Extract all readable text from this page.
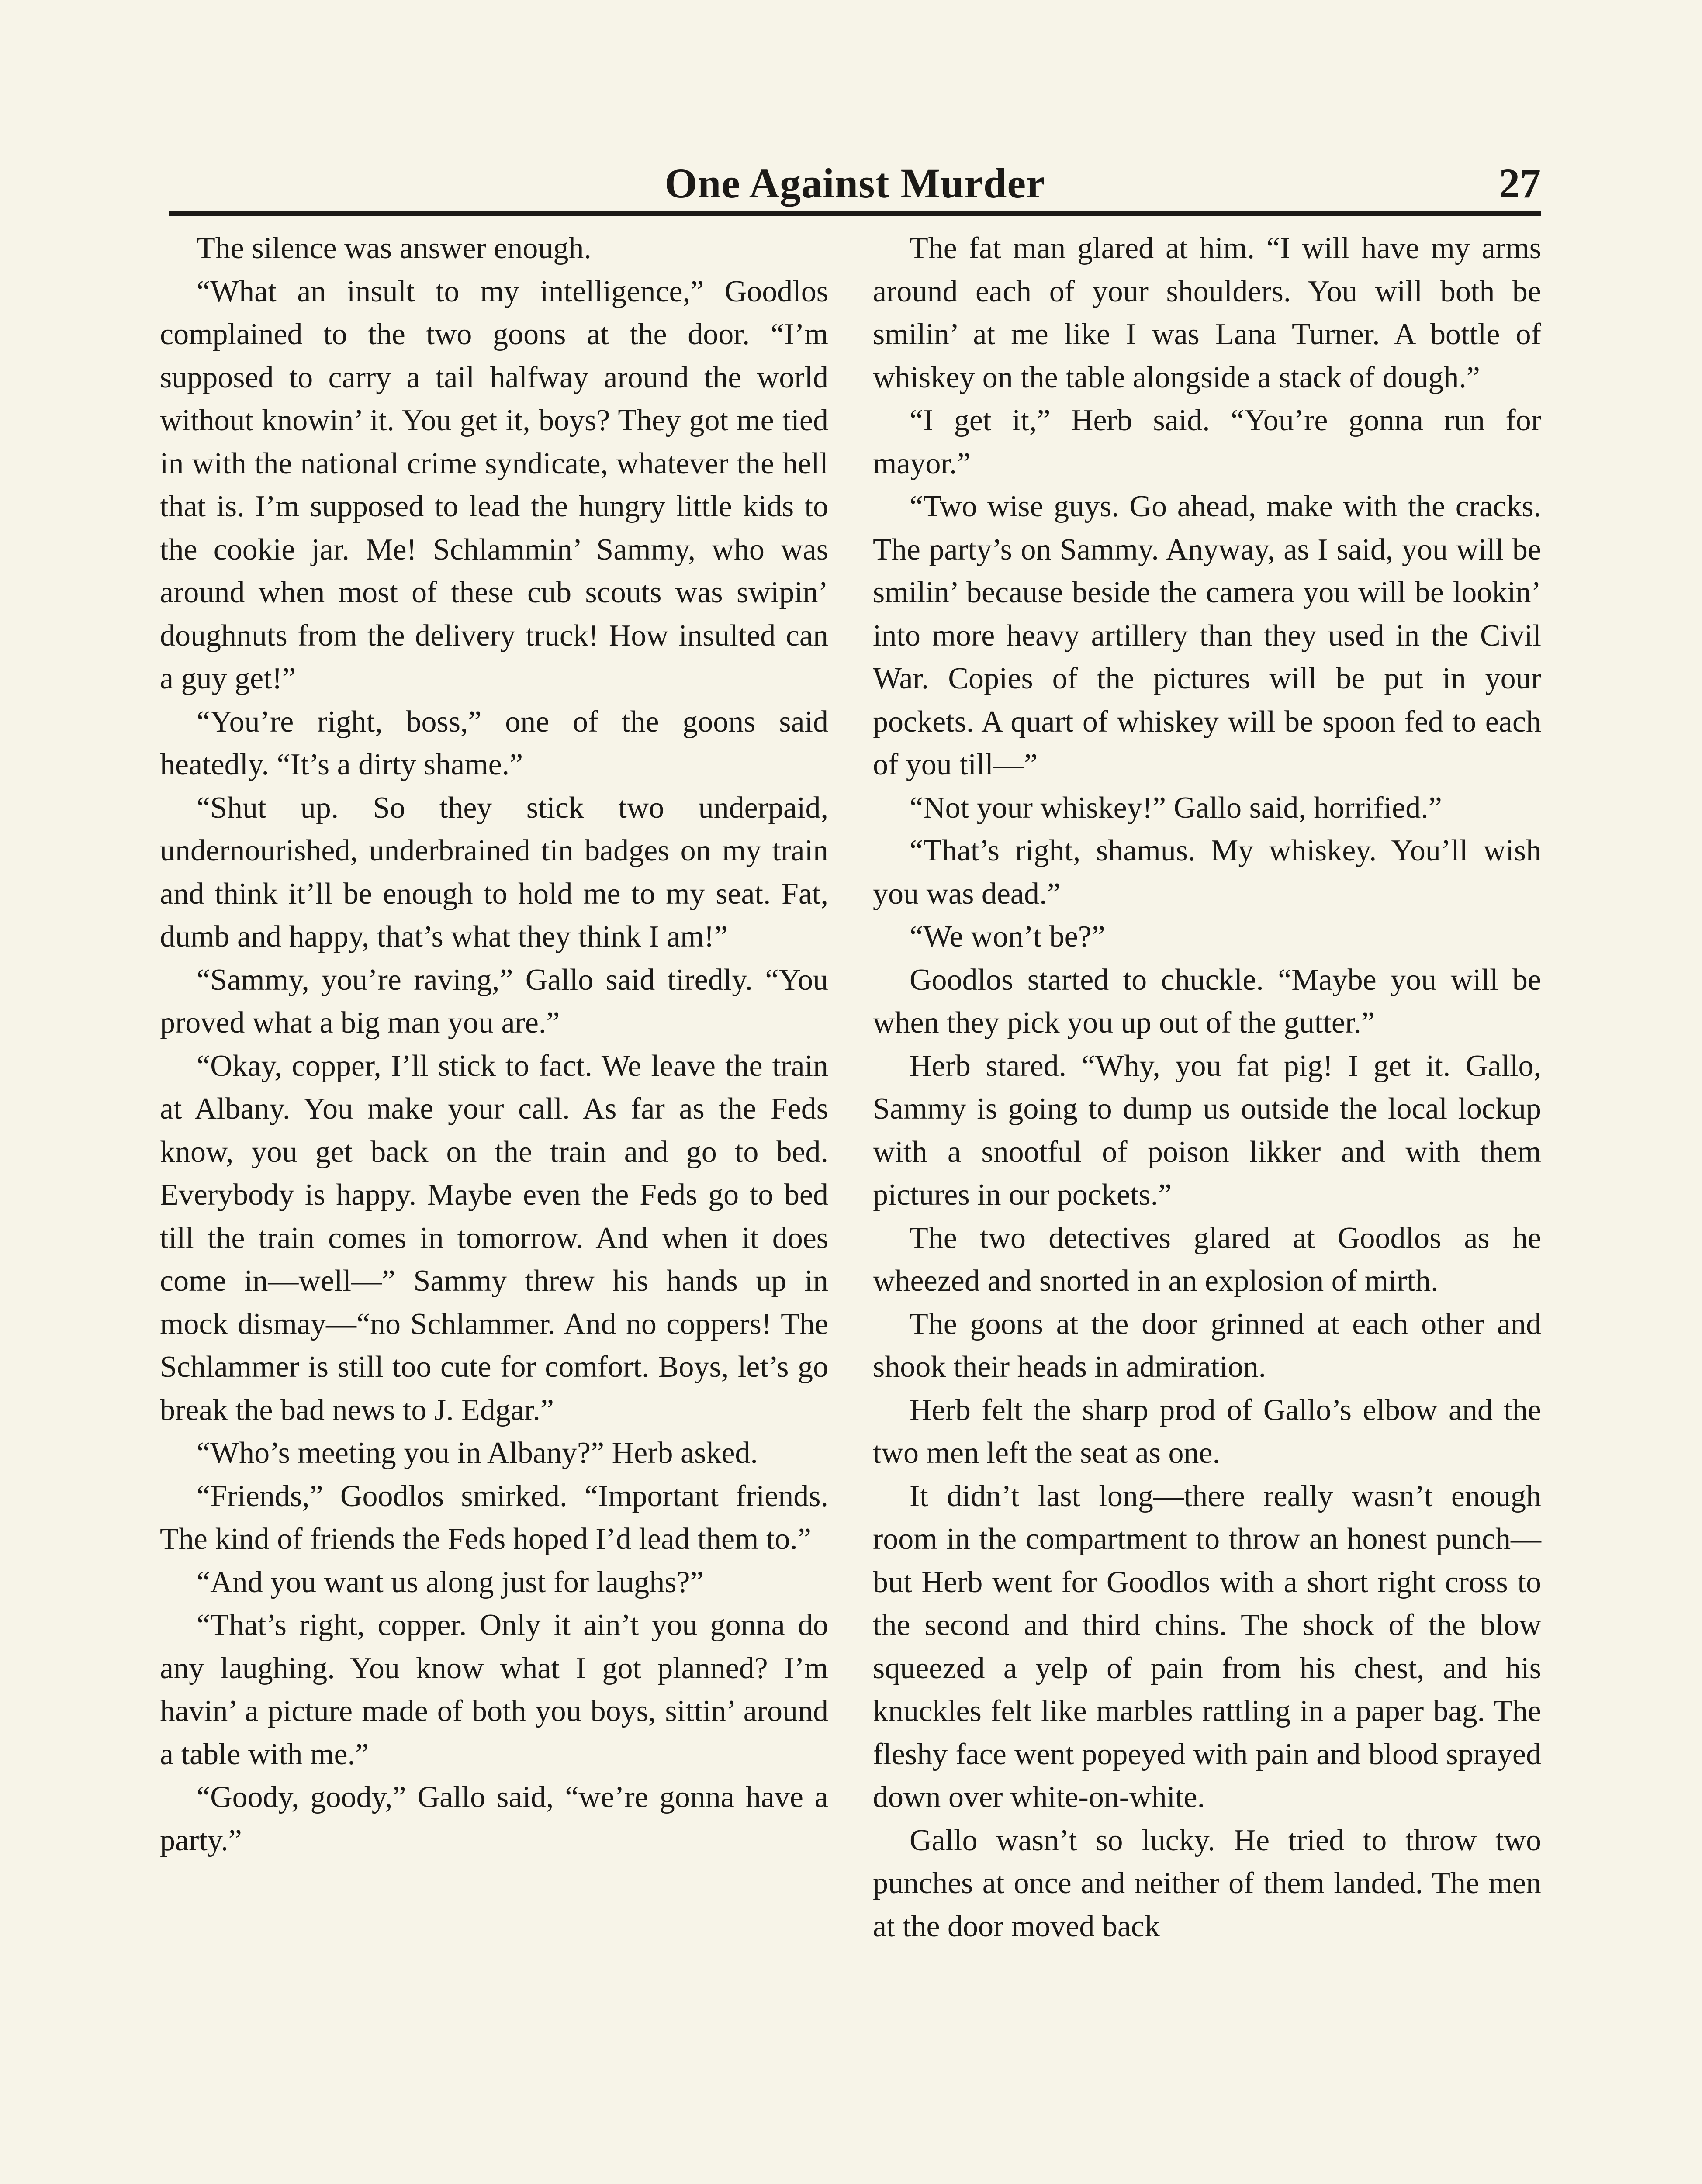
One Against Murder	27

The silence was answer enough.

“What an insult to my intelligence,” Goodlos complained to the two goons at the door. “I’m supposed to carry a tail halfway around the world without knowin’ it. You get it, boys? They got me tied in with the national crime syndicate, whatever the hell that is. I’m supposed to lead the hungry little kids to the cookie jar. Me! Schlammin’ Sammy, who was around when most of these cub scouts was swipin’ doughnuts from the delivery truck! How insulted can a guy get!”

“You’re right, boss,” one of the goons said heatedly. “It’s a dirty shame.”

“Shut up. So they stick two underpaid, undernourished, underbrained tin badges on my train and think it’ll be enough to hold me to my seat. Fat, dumb and happy, that’s what they think I am!”

“Sammy, you’re raving,” Gallo said tiredly. “You proved what a big man you are.”

“Okay, copper, I’ll stick to fact. We leave the train at Albany. You make your call. As far as the Feds know, you get back on the train and go to bed. Everybody is happy. Maybe even the Feds go to bed till the train comes in tomorrow. And when it does come in—well—” Sammy threw his hands up in mock dismay—“no Schlammer. And no coppers! The Schlammer is still too cute for comfort. Boys, let’s go break the bad news to J. Edgar.”

“Who’s meeting you in Albany?” Herb asked.

“Friends,” Goodlos smirked. “Important friends. The kind of friends the Feds hoped I’d lead them to.”

“And you want us along just for laughs?”

“That’s right, copper. Only it ain’t you gonna do any laughing. You know what I got planned? I’m havin’ a picture made of both you boys, sittin’ around a table with me.”

“Goody, goody,” Gallo said, “we’re gonna have a party.”

The fat man glared at him. “I will have my arms around each of your shoulders. You will both be smilin’ at me like I was Lana Turner. A bottle of whiskey on the table alongside a stack of dough.”

“I get it,” Herb said. “You’re gonna run for mayor.”

“Two wise guys. Go ahead, make with the cracks. The party’s on Sammy. Anyway, as I said, you will be smilin’ because beside the camera you will be lookin’ into more heavy artillery than they used in the Civil War. Copies of the pictures will be put in your pockets. A quart of whiskey will be spoon fed to each of you till—”

“Not your whiskey!” Gallo said, horrified.”

“That’s right, shamus. My whiskey. You’ll wish you was dead.”

“We won’t be?”

Goodlos started to chuckle. “Maybe you will be when they pick you up out of the gutter.”

Herb stared. “Why, you fat pig! I get it. Gallo, Sammy is going to dump us outside the local lockup with a snootful of poison likker and with them pictures in our pockets.”

The two detectives glared at Goodlos as he wheezed and snorted in an explosion of mirth.

The goons at the door grinned at each other and shook their heads in admiration.

Herb felt the sharp prod of Gallo’s elbow and the two men left the seat as one.

It didn’t last long—there really wasn’t enough room in the compartment to throw an honest punch—but Herb went for Goodlos with a short right cross to the second and third chins. The shock of the blow squeezed a yelp of pain from his chest, and his knuckles felt like marbles rattling in a paper bag. The fleshy face went popeyed with pain and blood sprayed down over white-on-white.

Gallo wasn’t so lucky. He tried to throw two punches at once and neither of them landed. The men at the door moved back
